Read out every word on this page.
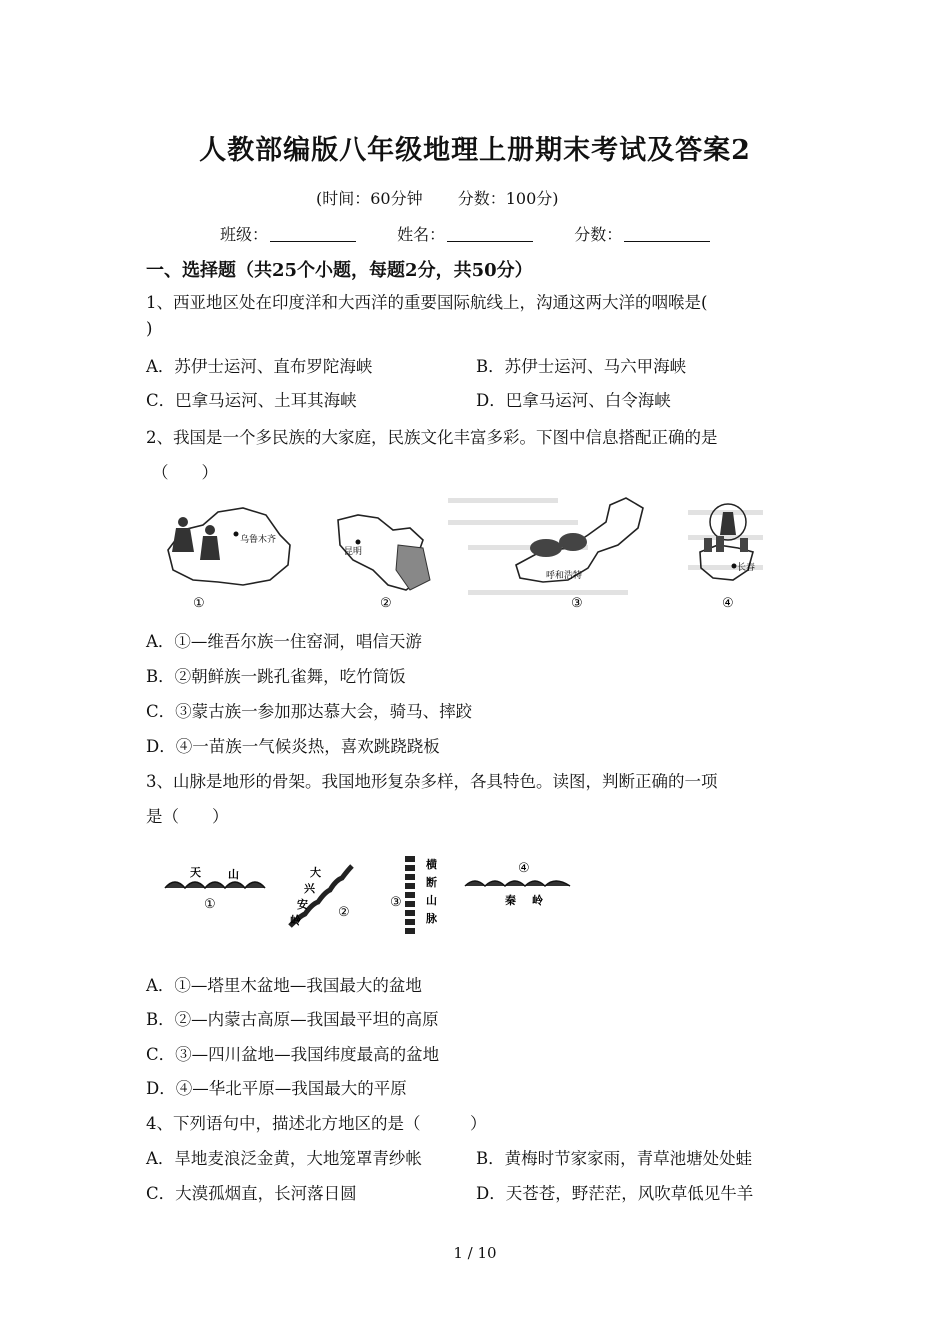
人教部编版八年级地理上册期末考试及答案2
(时间：60分钟 分数：100分)
班级：	姓名：	分数：
一、选择题（共25个小题，每题2分，共50分）
1、西亚地区处在印度洋和大西洋的重要国际航线上，沟通这两大洋的咽喉是(
)
A．苏伊士运河、直布罗陀海峡	B．苏伊士运河、马六甲海峡
C．巴拿马运河、土耳其海峡	D．巴拿马运河、白令海峡
2、我国是一个多民族的大家庭，民族文化丰富多彩。下图中信息搭配正确的是
（　　）
乌鲁木齐
①
昆明
②
呼和浩特
③
长春
④
A．①—维吾尔族一住窑洞，唱信天游
B．②朝鲜族一跳孔雀舞，吃竹筒饭
C．③蒙古族一参加那达慕大会，骑马、摔跤
D．④一苗族一气候炎热，喜欢跳跷跷板
3、山脉是地形的骨架。我国地形复杂多样，各具特色。读图，判断正确的一项
是（　　）
天 山
①
大
兴
安
岭
②
横
断
山
脉
③
④
秦 岭
A．①—塔里木盆地—我国最大的盆地
B．②—内蒙古高原—我国最平坦的高原
C．③—四川盆地—我国纬度最高的盆地
D．④—华北平原—我国最大的平原
4、下列语句中，描述北方地区的是（　　　）
A．旱地麦浪泛金黄，大地笼罩青纱帐	B．黄梅时节家家雨，青草池塘处处蛙
C．大漠孤烟直，长河落日圆	D．天苍苍，野茫茫，风吹草低见牛羊
1 / 10
